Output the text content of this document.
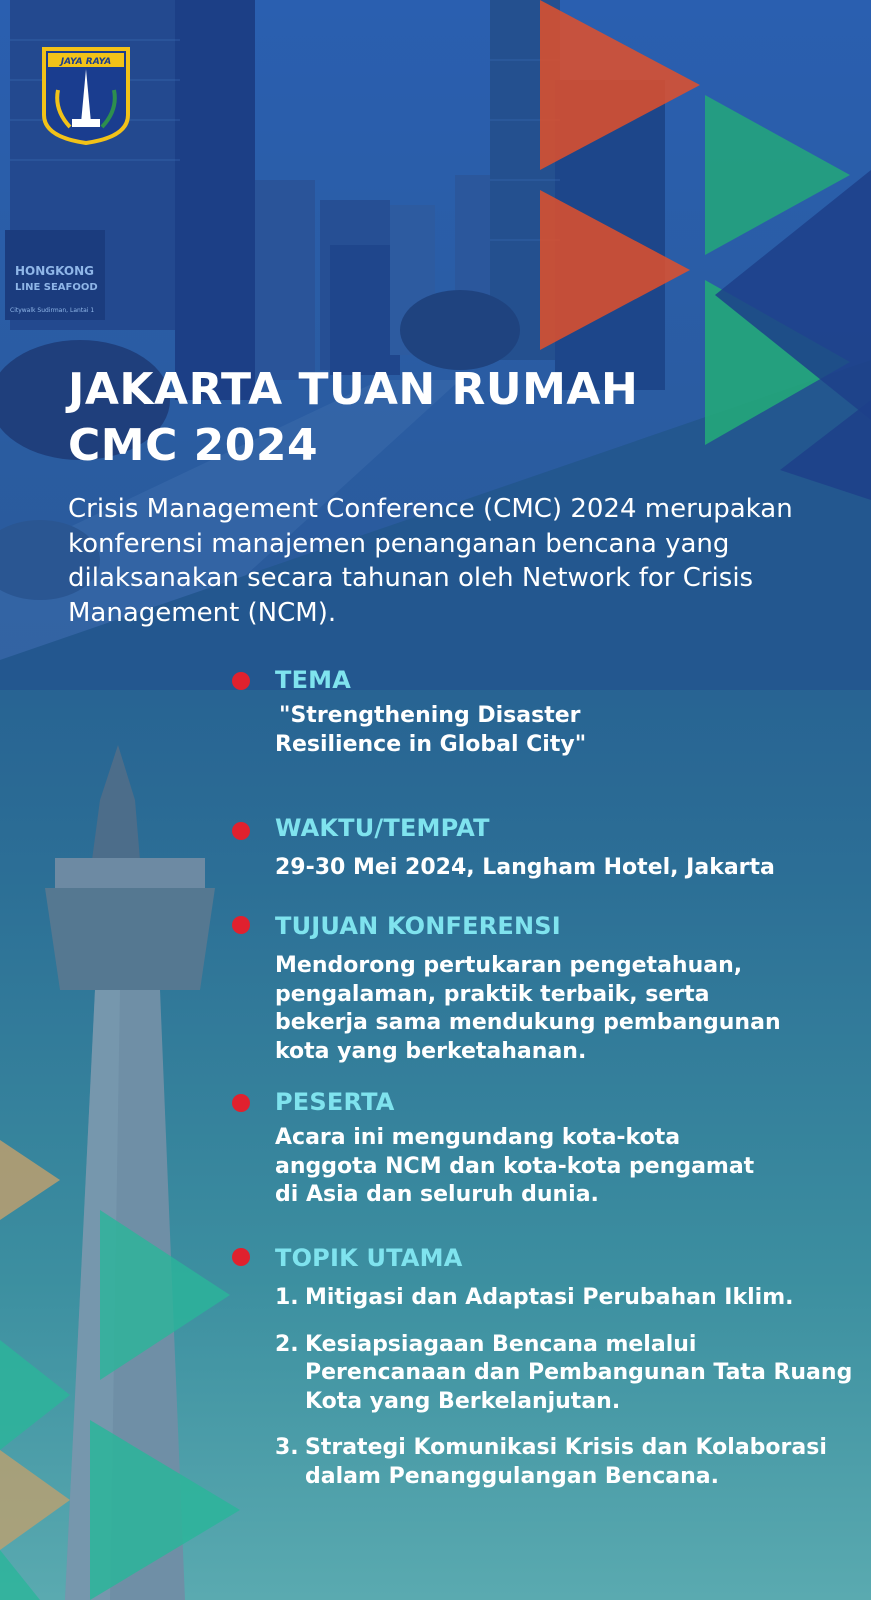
HONGKONG
LINE SEAFOOD
Citywalk Sudirman, Lantai 1
JAYA RAYA
JAKARTA TUAN RUMAH
CMC 2024
Crisis Management Conference (CMC) 2024 merupakan konferensi manajemen penanganan bencana yang dilaksanakan secara tahunan oleh Network for Crisis Management (NCM).
TEMA
"Strengthening Disaster
Resilience in Global City"
WAKTU/TEMPAT
29-30 Mei 2024, Langham Hotel, Jakarta
TUJUAN KONFERENSI
Mendorong pertukaran pengetahuan, pengalaman, praktik terbaik, serta bekerja sama mendukung pembangunan kota yang berketahanan.
PESERTA
Acara ini mengundang kota-kota anggota NCM dan kota-kota pengamat di Asia dan seluruh dunia.
TOPIK UTAMA
1. Mitigasi dan Adaptasi Perubahan Iklim.
2. Kesiapsiagaan Bencana melalui Perencanaan dan Pembangunan Tata Ruang Kota yang Berkelanjutan.
3. Strategi Komunikasi Krisis dan Kolaborasi dalam Penanggulangan Bencana.
